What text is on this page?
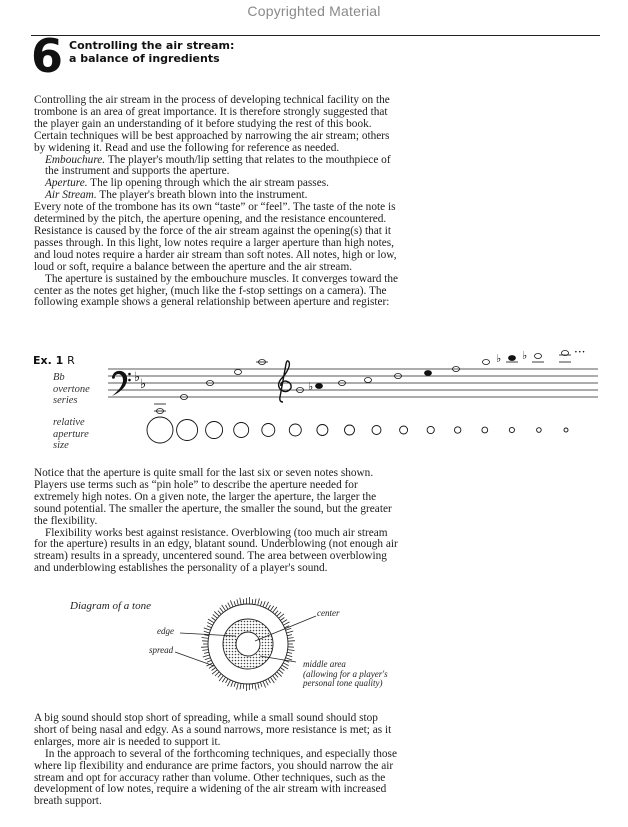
Copyrighted Material
6 Controlling the air stream:
a balance of ingredients

Controlling the air stream in the process of developing technical facility on the trombone is an area of great importance. It is therefore strongly suggested that the player gain an understanding of it before studying the rest of this book. Certain techniques will be best approached by narrowing the air stream; others by widening it. Read and use the following for reference as needed.

Embouchure. The player's mouth/lip setting that relates to the mouthpiece of the instrument and supports the aperture.

Aperture. The lip opening through which the air stream passes.

Air Stream. The player's breath blown into the instrument.

Every note of the trombone has its own “taste” or “feel”. The taste of the note is determined by the pitch, the aperture opening, and the resistance encountered. Resistance is caused by the force of the air stream against the opening(s) that it passes through. In this light, low notes require a larger aperture than high notes, and loud notes require a harder air stream than soft notes. All notes, high or low, loud or soft, require a balance between the aperture and the air stream.

The aperture is sustained by the embouchure muscles. It converges toward the center as the notes get higher, (much like the f-stop settings on a camera). The following example shows a general relationship between aperture and register:

Ex. 1 R
Bb
overtone
series
relative
aperture
size
♭ ♭	♭
♭ ♭	···

Notice that the aperture is quite small for the last six or seven notes shown. Players use terms such as “pin hole” to describe the aperture needed for extremely high notes. On a given note, the larger the aperture, the larger the sound potential. The smaller the aperture, the smaller the sound, but the greater the flexibility.

Flexibility works best against resistance. Overblowing (too much air stream for the aperture) results in an edgy, blatant sound. Underblowing (not enough air stream) results in a spready, uncentered sound. The area between overblowing and underblowing establishes the personality of a player's sound.

Diagram of a tone
edge
spread
center
middle area
(allowing for a player's
personal tone quality)

A big sound should stop short of spreading, while a small sound should stop short of being nasal and edgy. As a sound narrows, more resistance is met; as it enlarges, more air is needed to support it.

In the approach to several of the forthcoming techniques, and especially those where lip flexibility and endurance are prime factors, you should narrow the air stream and opt for accuracy rather than volume. Other techniques, such as the development of low notes, require a widening of the air stream with increased breath support.
